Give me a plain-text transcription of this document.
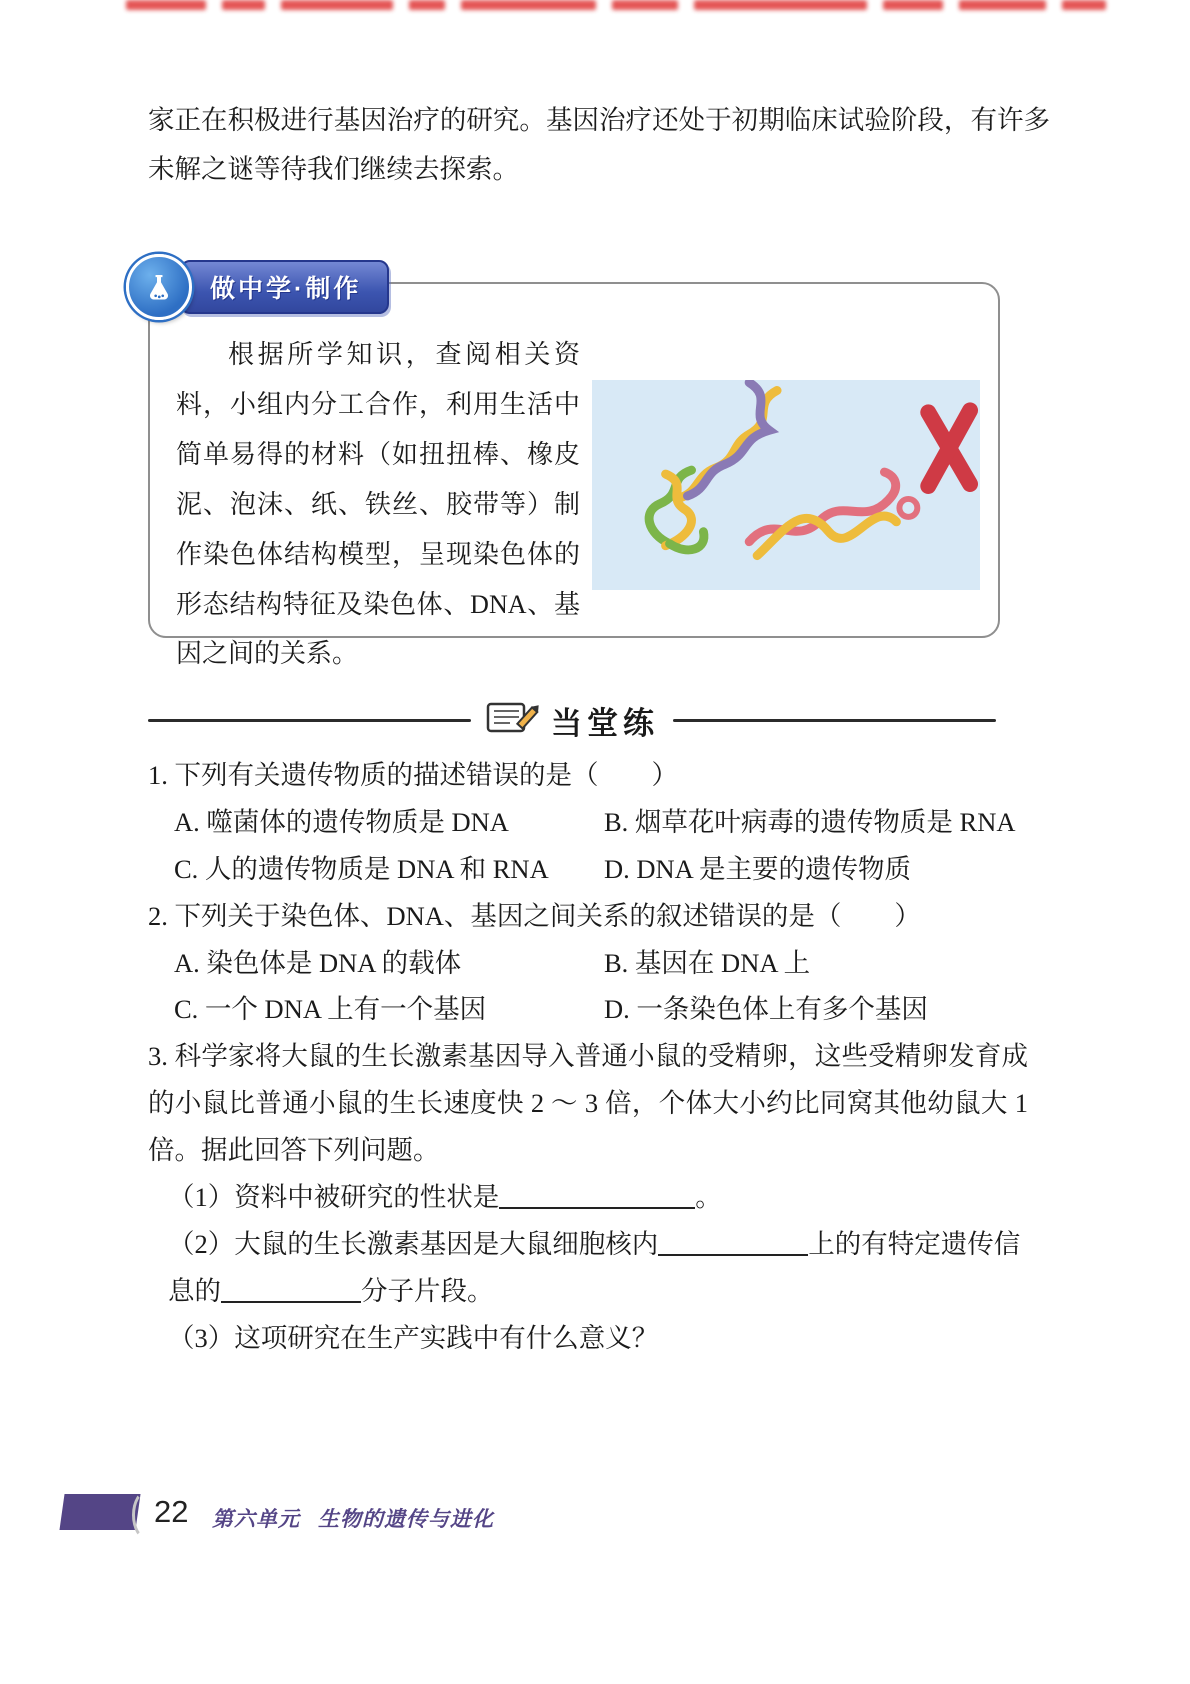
家正在积极进行基因治疗的研究。基因治疗还处于初期临床试验阶段，有许多未解之谜等待我们继续去探索。

做中学·制作

根据所学知识，查阅相关资料，小组内分工合作，利用生活中简单易得的材料（如扭扭棒、橡皮泥、泡沫、纸、铁丝、胶带等）制作染色体结构模型，呈现染色体的形态结构特征及染色体、DNA、基因之间的关系。

当堂练

1. 下列有关遗传物质的描述错误的是（　　）

A. 噬菌体的遗传物质是 DNA	B. 烟草花叶病毒的遗传物质是 RNA
C. 人的遗传物质是 DNA 和 RNA	D. DNA 是主要的遗传物质

2. 下列关于染色体、DNA、基因之间关系的叙述错误的是（　　）

A. 染色体是 DNA 的载体	B. 基因在 DNA 上
C. 一个 DNA 上有一个基因	D. 一条染色体上有多个基因

3. 科学家将大鼠的生长激素基因导入普通小鼠的受精卵，这些受精卵发育成的小鼠比普通小鼠的生长速度快 2 ～ 3 倍，个体大小约比同窝其他幼鼠大 1 倍。据此回答下列问题。

（1）资料中被研究的性状是	。

（2）大鼠的生长激素基因是大鼠细胞核内	上的有特定遗传信息的	分子片段。

（3）这项研究在生产实践中有什么意义？

22 第六单元 生物的遗传与进化
